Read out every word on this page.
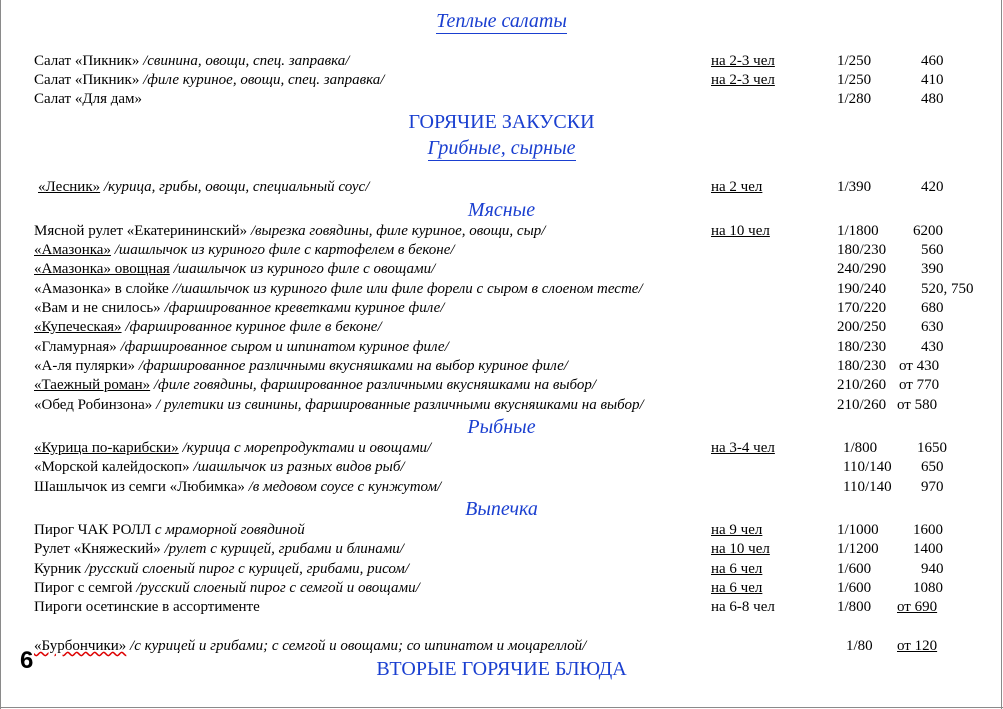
Теплые салаты
Салат «Пикник» /свинина, овощи, спец. заправка/	на 2-3 чел	1/250	460
Салат «Пикник» /филе куриное, овощи, спец. заправка/	на 2-3 чел	1/250	410
Салат «Для дам»	1/280	480
ГОРЯЧИЕ ЗАКУСКИ
Грибные, сырные
«Лесник» /курица, грибы, овощи, специальный соус/	на 2 чел	1/390	420
Мясные
Мясной рулет «Екатерининский» /вырезка говядины, филе куриное, овощи, сыр/	на 10 чел	1/1800 6200
«Амазонка» /шашлычок из куриного филе с картофелем в беконе/	180/230 560
«Амазонка» овощная /шашлычок из куриного филе с овощами/	240/290 390
«Амазонка» в слойке //шашлычок из куриного филе или филе форели с сыром в слоеном тесте/	190/240 520, 750
«Вам и не снилось» /фаршированное креветками куриное филе/	170/220 680
«Купеческая» /фаршированное куриное филе в беконе/	200/250 630
«Гламурная» /фаршированное сыром и шпинатом куриное филе/	180/230 430
«А-ля пулярки» /фаршированное различными вкусняшками на выбор куриное филе/	180/230 от 430
«Таежный роман» /филе говядины, фаршированное различными вкусняшками на выбор/	210/260 от 770
«Обед Робинзона» / рулетики из свинины, фаршированные различными вкусняшками на выбор/	210/260 от 580
Рыбные
«Курица по-карибски» /курица с морепродуктами и овощами/	на 3-4 чел	1/800	1650
«Морской калейдоскоп» /шашлычок из разных видов рыб/	110/140 650
Шашлычок из семги «Любимка» /в медовом соусе с кунжутом/	110/140 970
Выпечка
Пирог ЧАК РОЛЛ с мраморной говядиной	на 9 чел	1/1000 1600
Рулет «Княжеский» /рулет с курицей, грибами и блинами/	на 10 чел	1/1200 1400
Курник /русский слоеный пирог с курицей, грибами, рисом/	на 6 чел	1/600	940
Пирог с семгой /русский слоеный пирог с семгой и овощами/	на 6 чел	1/600	1080
Пироги осетинские в ассортименте	на 6-8 чел	1/800 от 690
«Бурбончики» /с курицей и грибами; с семгой и овощами; со шпинатом и моцареллой/	1/80 от 120
6	ВТОРЫЕ ГОРЯЧИЕ БЛЮДА
